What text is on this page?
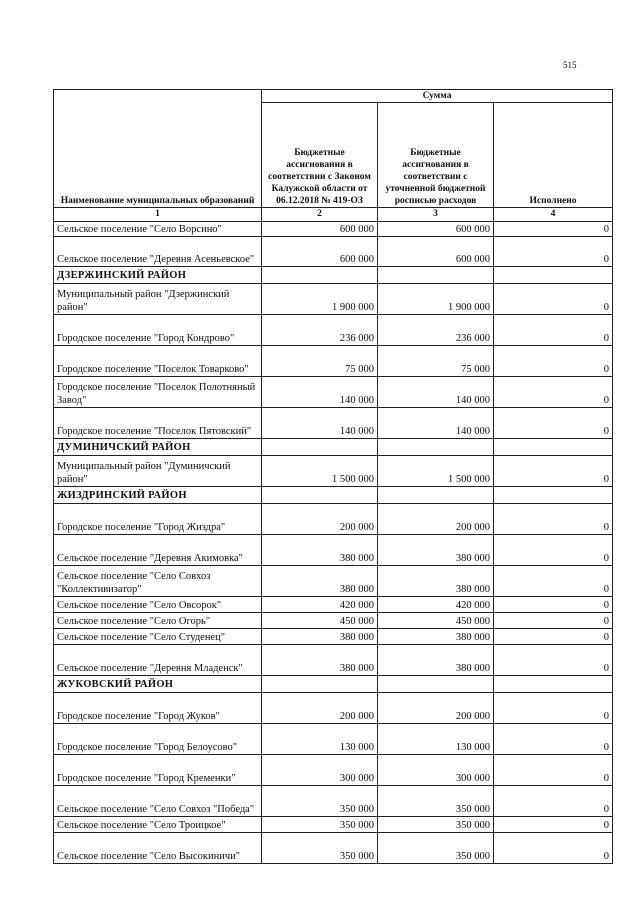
515
Наименование муниципальных образований	Сумма		
	Бюджетные ассигнования в соответствии с Законом Калужской области от 06.12.2018 № 419-ОЗ	Бюджетные ассигнования в соответствии с уточненной бюджетной росписью расходов	Исполнено
1	2	3	4
Сельское поселение "Село Ворсино"	600 000	600 000	0
Сельское поселение "Деревня Асеньевское"	600 000	600 000	0
ДЗЕРЖИНСКИЙ РАЙОН			
Муниципальный район "Дзержинский район"	1 900 000	1 900 000	0
Городское поселение "Город Кондрово"	236 000	236 000	0
Городское поселение "Поселок Товарково"	75 000	75 000	0
Городское поселение "Поселок Полотняный Завод"	140 000	140 000	0
Городское поселение "Поселок Пятовский"	140 000	140 000	0
ДУМИНИЧСКИЙ РАЙОН			
Муниципальный район "Думиничский район"	1 500 000	1 500 000	0
ЖИЗДРИНСКИЙ РАЙОН			
Городское поселение "Город Жиздра"	200 000	200 000	0
Сельское поселение "Деревня Акимовка"	380 000	380 000	0
Сельское поселение "Село Совхоз "Коллективизатор"	380 000	380 000	0
Сельское поселение "Село Овсорок"	420 000	420 000	0
Сельское поселение "Село Огорь"	450 000	450 000	0
Сельское поселение "Село Студенец"	380 000	380 000	0
Сельское поселение "Деревня Младенск"	380 000	380 000	0
ЖУКОВСКИЙ РАЙОН			
Городское поселение "Город Жуков"	200 000	200 000	0
Городское поселение "Город Белоусово"	130 000	130 000	0
Городское поселение "Город Кременки"	300 000	300 000	0
Сельское поселение "Село Совхоз "Победа"	350 000	350 000	0
Сельское поселение "Село Троицкое"	350 000	350 000	0
Сельское поселение "Село Высокиничи"	350 000	350 000	0
